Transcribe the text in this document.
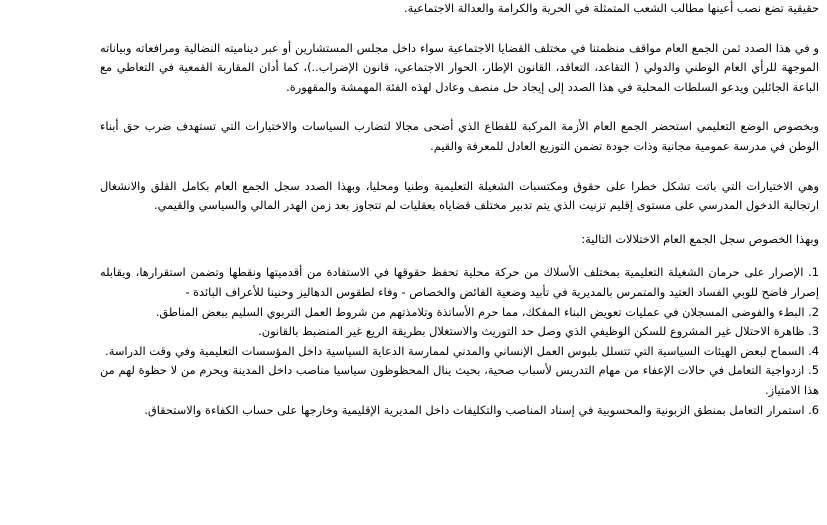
حقيقية تضع نصب أعينها مطالب الشعب المتمثلة في الحرية والكرامة والعدالة الاجتماعية.

و في هذا الصدد ثمن الجمع العام مواقف منظمتنا في مختلف القضايا الاجتماعية سواء داخل مجلس المستشارين أو عبر ديناميته النضالية ومرافعاته وبياناته الموجهة للرأي العام الوطني والدولي ( التقاعد، التعاقد، القانون الإطار، الحوار الاجتماعي، قانون الإضراب..)، كما أدان المقاربة القمعية في التعاطي مع الباعة الجائلين ويدعو السلطات المحلية في هذا الصدد إلى إيجاد حل منصف وعادل لهذه الفئة المهمشة والمقهورة.

وبخصوص الوضع التعليمي استحضر الجمع العام الأزمة المركبة للقطاع الذي أضحى مجالا لتضارب السياسات والاختيارات التي تستهدف ضرب حق أبناء الوطن في مدرسة عمومية مجانية وذات جودة تضمن التوزيع العادل للمعرفة والقيم.

وهي الاختيارات التي باتت تشكل خطرا على حقوق ومكتسبات الشغيلة التعليمية وطنيا ومحليا، وبهذا الصدد سجل الجمع العام بكامل القلق والانشغال ارتجالية الدخول المدرسي على مستوى إقليم تزنيت الذي يتم تدبير مختلف قضاياه بعقليات لم تتجاوز بعد زمن الهدر المالي والسياسي والقيمي.

وبهذا الخصوص سجل الجمع العام الاختلالات التالية:

1. الإصرار على حرمان الشغيلة التعليمية بمختلف الأسلاك من حركة محلية تحفظ حقوقها في الاستفادة من أقدميتها ونقطها وتضمن استقرارها، ويقابله إصرار فاضح للوبي الفساد العتيد والمتمرس بالمديرية في تأبيد وضعية الفائض والخصاص - وفاء لطقوس الدهاليز وحنينا للأعراف البائدة -

2. البطء والفوضى المسجلان في عمليات تعويض البناء المفكك، مما حرم الأساتذة وتلامذتهم من شروط العمل التربوي السليم ببعض المناطق.

3. ظاهرة الاحتلال غير المشروع للسكن الوظيفي الذي وصل حد التوريث والاستغلال بطريقة الريع غير المنضبط بالقانون.

4. السماح لبعض الهيئات السياسية التي تتسلل بلبوس العمل الإنساني والمدني لممارسة الدعاية السياسية داخل المؤسسات التعليمية وفي وقت الدراسة.

5. ازدواجية التعامل في حالات الإعفاء من مهام التدريس لأسباب صحية، بحيث ينال المحظوظون سياسيا مناصب داخل المدينة ويحرم من لا حظوة لهم من هذا الامتياز.

6. استمرار التعامل بمنطق الزبونية والمحسوبية في إسناد المناصب والتكليفات داخل المديرية الإقليمية وخارجها على حساب الكفاءة والاستحقاق.
